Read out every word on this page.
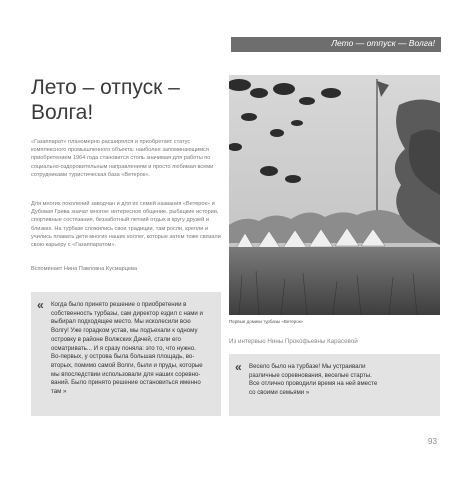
Лето — отпуск — Волга!
Лето – отпуск –
Волга!

«Газаппарат» планомерно расширялся и приобретает статус комплексного промышленного объекта: наиболее запоминающимся приобретением 1964 года становится столь значимая для работы по социально-оздоровительным направлениям и просто любимая всеми сотрудниками туристическая база «Ветерок».

Для многих поколений заводчан и для их семей названия «Ветерок» и Дубовая Грива значат многое: интересное общение, рыбацкие истории, спортивные состязания, беззаботный летний отдых в кругу друзей и близких. На турбазе сложились свои традиции, там росли, крепли и учились плавать дети многих наших коллег, которые затем тоже связали свою карьеру с «Газаппаратом».

Вспоминает Нина Павловна Кусмарцева

« Когда было принято решение о приобретении в собственность турбазы, сам директор ездил с нами и выбирал подходящее место. Мы исколесили всю Волгу! Уже горадком устав, мы подъехали к одному островку в районе Волжских Дачей, стали его осматривать... И я сразу поняла: это то, что нужно. Во-первых, у острова была большая площадь, во-вторых, помимо самой Волги, были и пруды, которые мы впоследствии использовали для наших соревнований. Было принято решение остановиться именно там »

Первые домики турбазы «Ветерок»
Из интервью Нины Прокофьевны Карасевой
« Весело было на турбазе! Мы устраивали различные соревнования, веселые старты. Все отлично проводили время на ней вместе со своими семьями »

93
